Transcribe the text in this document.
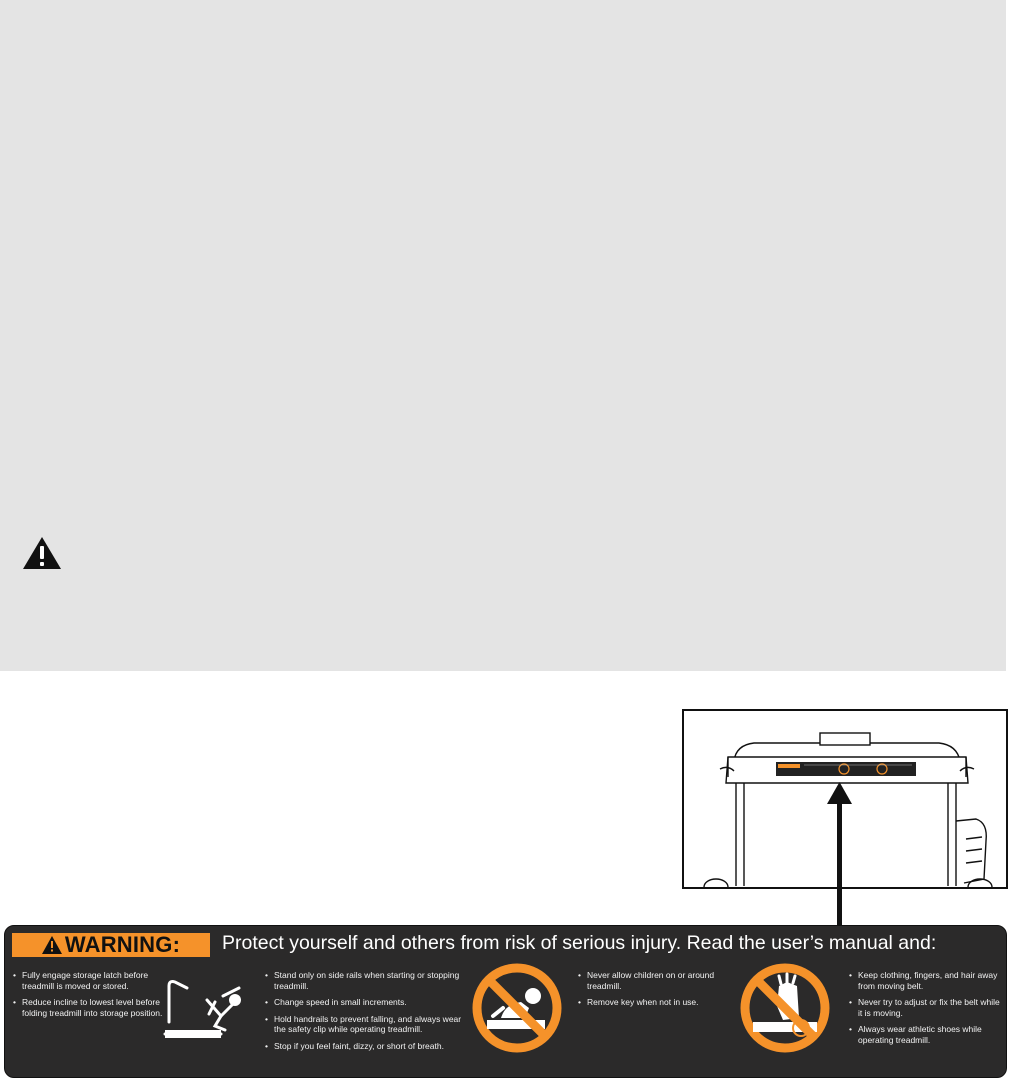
WARNING: Protect yourself and others from risk of serious injury. Read the user’s manual and:
• Fully engage storage latch before treadmill is moved or stored.
• Reduce incline to lowest level before folding treadmill into storage position.
• Stand only on side rails when starting or stopping treadmill.
• Change speed in small increments.
• Hold handrails to prevent falling, and always wear the safety clip while operating treadmill.
• Stop if you feel faint, dizzy, or short of breath.
• Never allow children on or around treadmill.
• Remove key when not in use.
• Keep clothing, fingers, and hair away from moving belt.
• Never try to adjust or fix the belt while it is moving.
• Always wear athletic shoes while operating treadmill.
